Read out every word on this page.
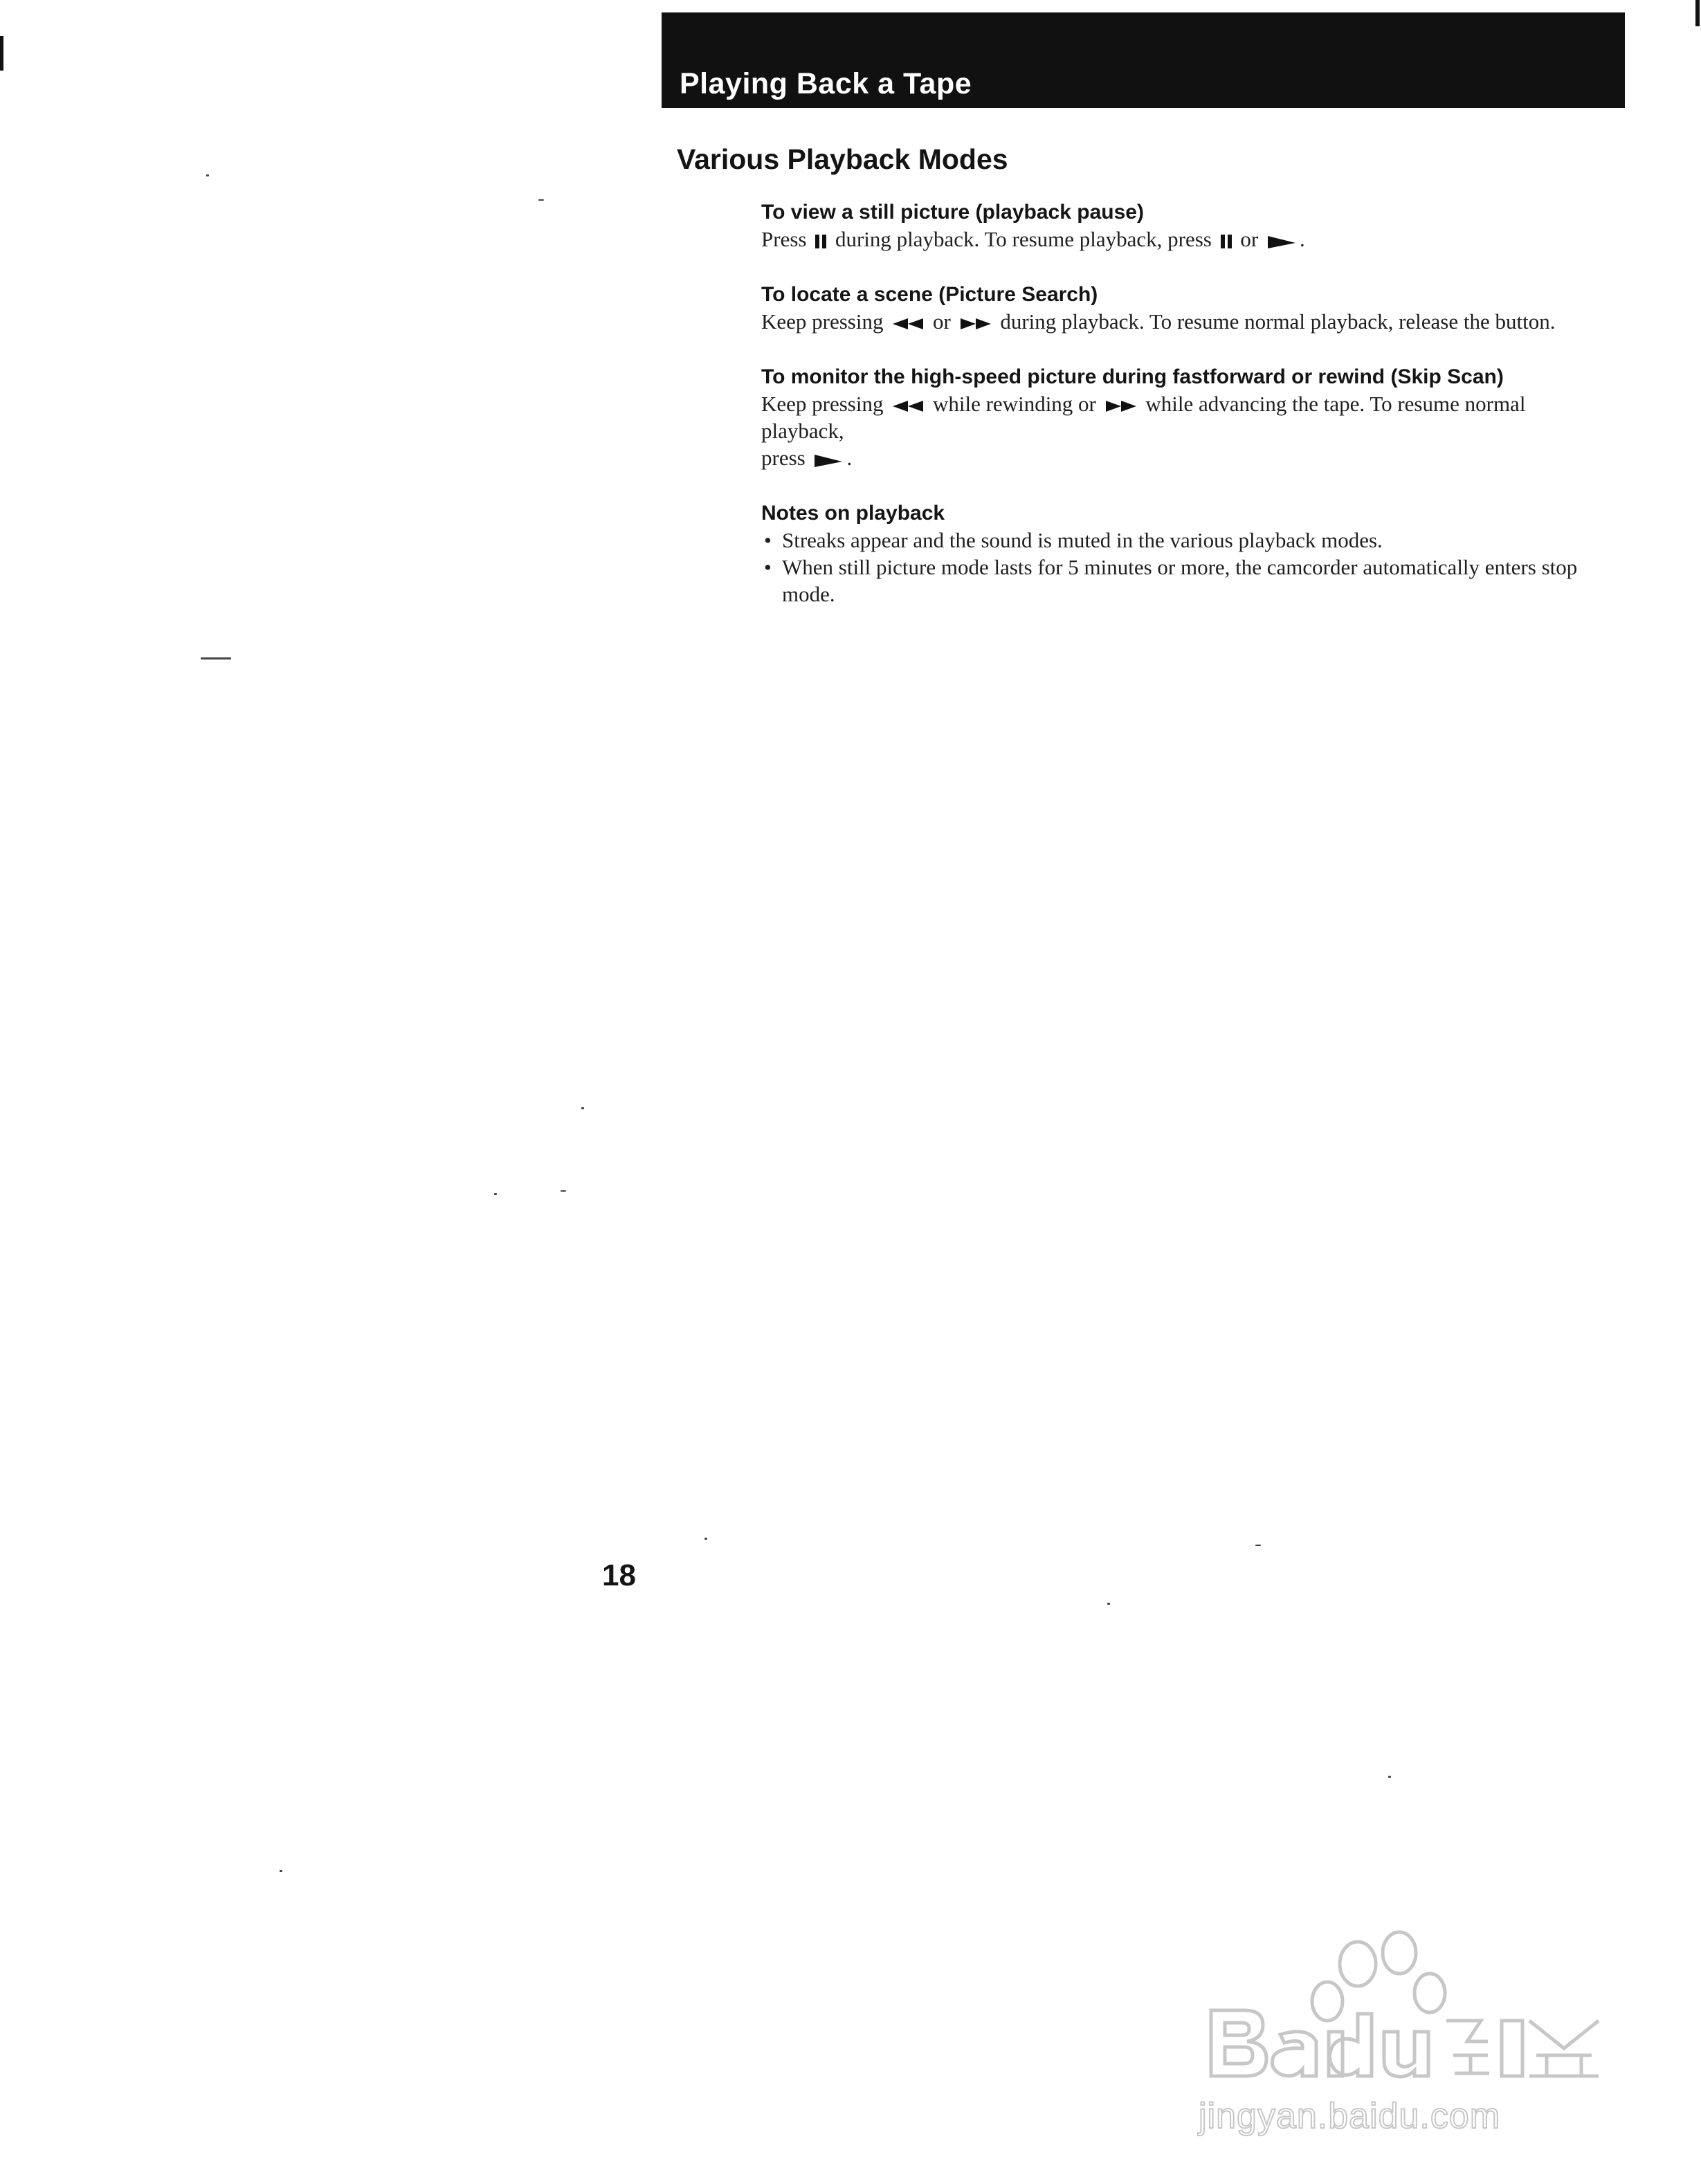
Playing Back a Tape
Various Playback Modes
To view a still picture (playback pause)
Press during playback. To resume playback, press or .
To locate a scene (Picture Search)
Keep pressing or during playback. To resume normal playback, release the button.
To monitor the high-speed picture during fastforward or rewind (Skip Scan)
Keep pressing while rewinding or while advancing the tape. To resume normal playback,
press .
Notes on playback
• Streaks appear and the sound is muted in the various playback modes.
• When still picture mode lasts for 5 minutes or more, the camcorder automatically enters stop mode.
18
jingyan.baidu.com
